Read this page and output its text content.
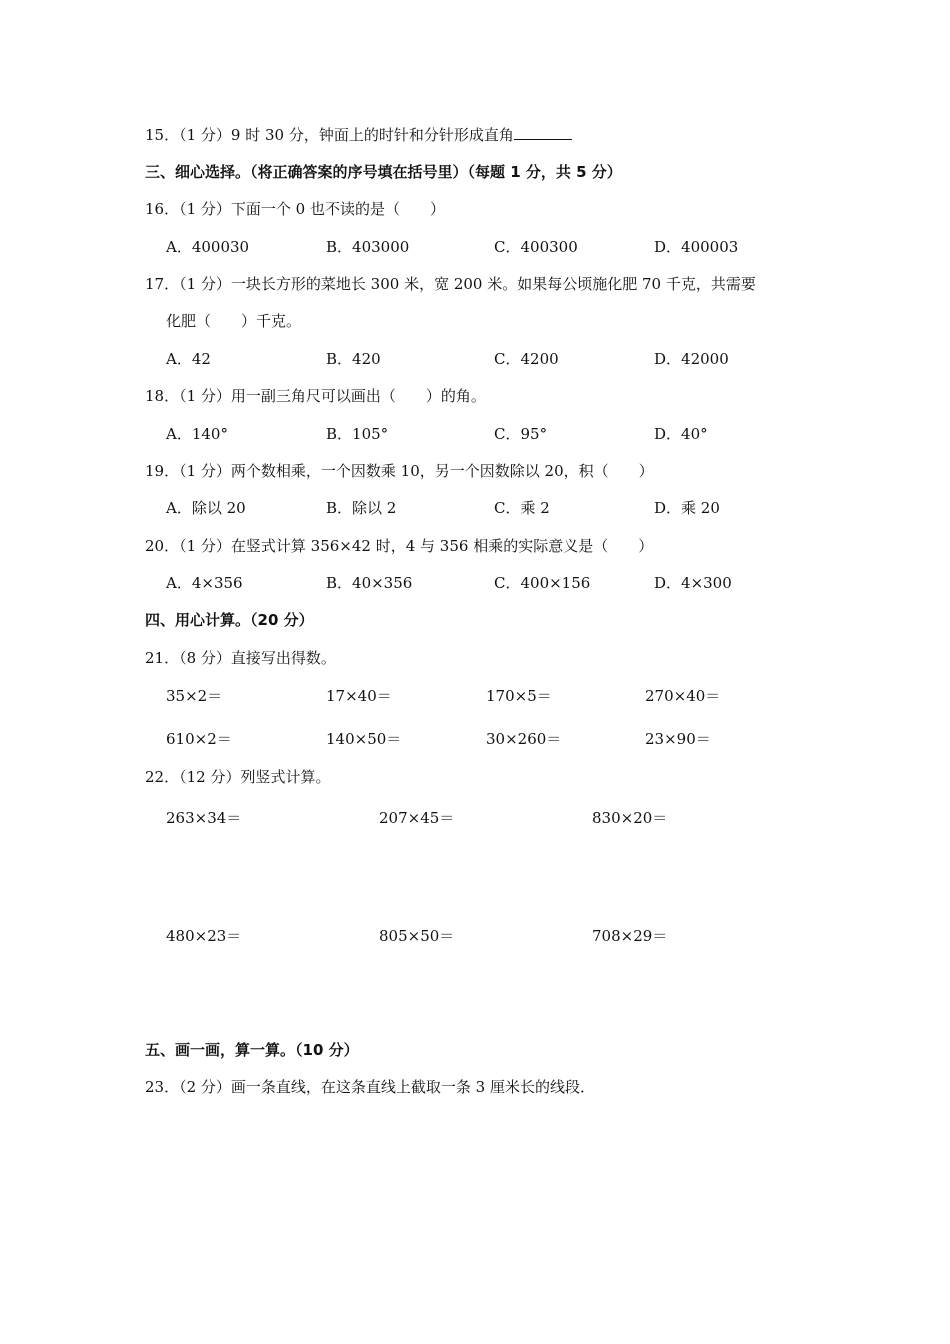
15．（1 分）9 时 30 分，钟面上的时针和分针形成直角
三、细心选择。（将正确答案的序号填在括号里）（每题 1 分，共 5 分）
16．（1 分）下面一个 0 也不读的是（　　）
A．400030	B．403000	C．400300	D．400003
17．（1 分）一块长方形的菜地长 300 米，宽 200 米。如果每公顷施化肥 70 千克，共需要
化肥（　　）千克。
A．42	B．420	C．4200	D．42000
18．（1 分）用一副三角尺可以画出（　　）的角。
A．140°	B．105°	C．95°	D．40°
19．（1 分）两个数相乘，一个因数乘 10，另一个因数除以 20，积（　　）
A．除以 20	B．除以 2	C．乘 2	D．乘 20
20．（1 分）在竖式计算 356×42 时，4 与 356 相乘的实际意义是（　　）
A．4×356	B．40×356	C．400×156	D．4×300
四、用心计算。（20 分）
21．（8 分）直接写出得数。
35×2＝	17×40＝	170×5＝	270×40＝
610×2＝	140×50＝	30×260＝	23×90＝
22．（12 分）列竖式计算。
263×34＝	207×45＝	830×20＝
480×23＝	805×50＝	708×29＝
五、画一画，算一算。（10 分）
23．（2 分）画一条直线，在这条直线上截取一条 3 厘米长的线段．
